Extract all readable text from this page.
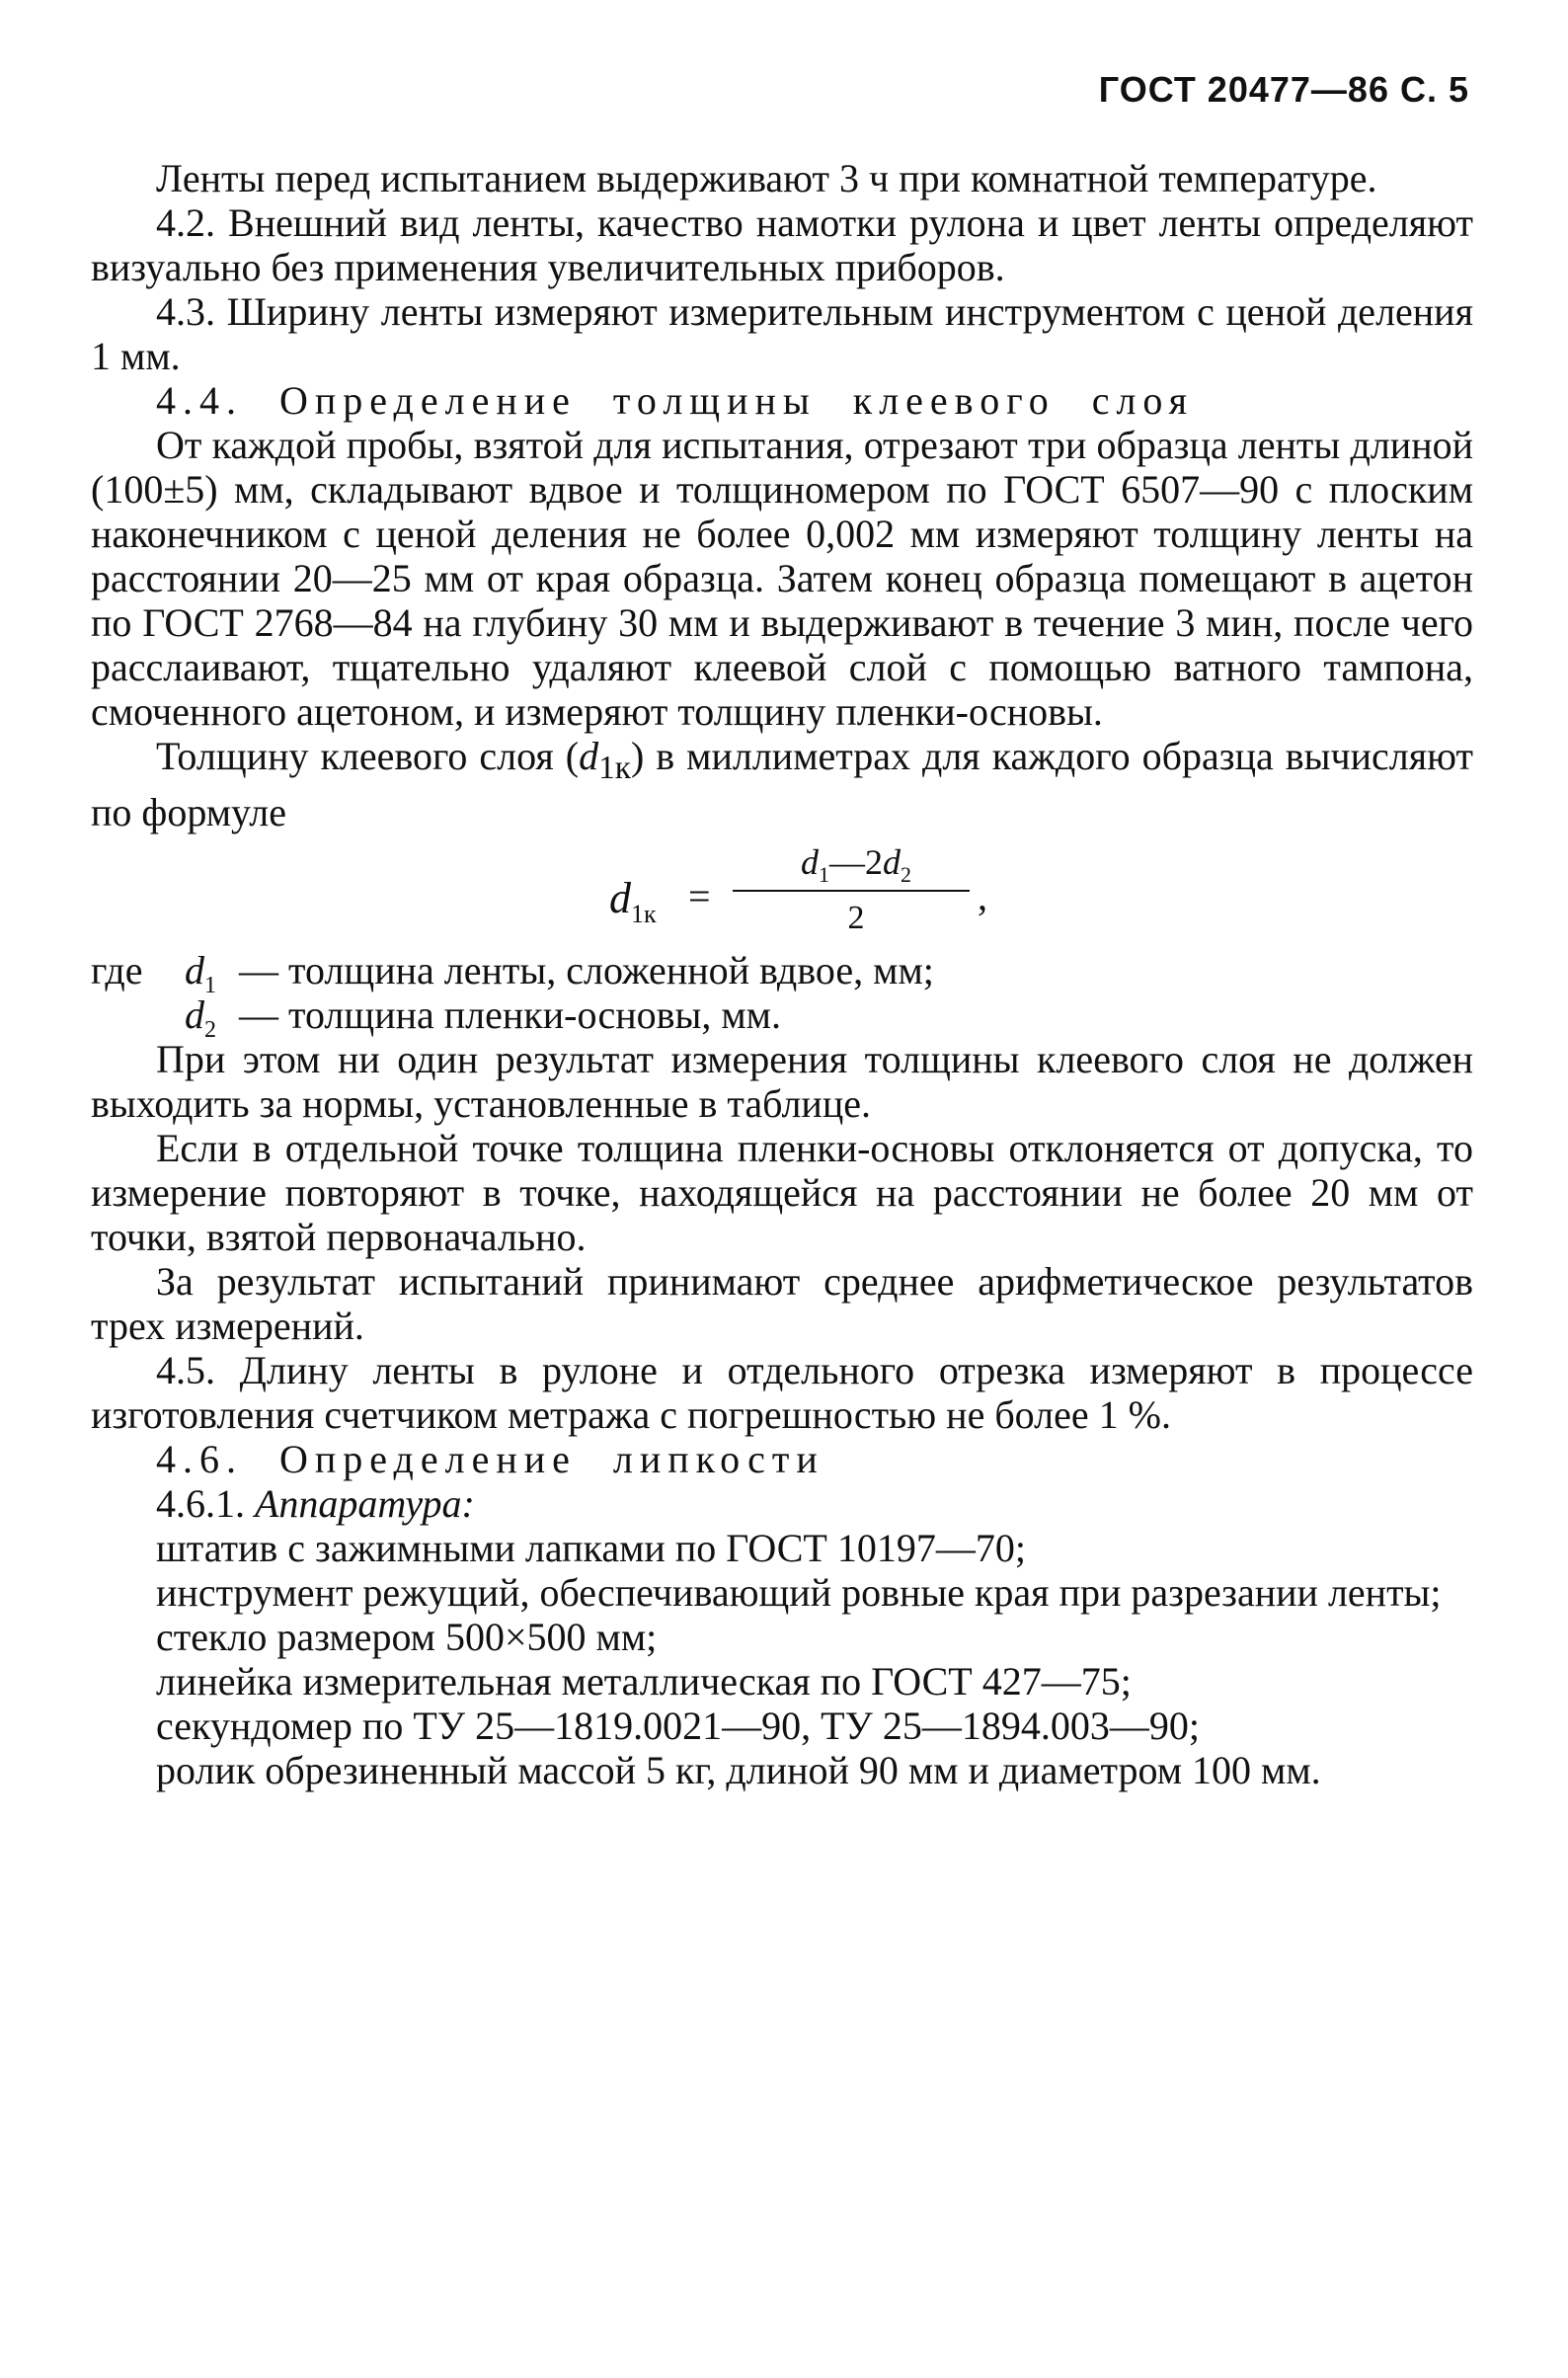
ГОСТ 20477—86 С. 5

Ленты перед испытанием выдерживают 3 ч при комнатной температуре.

4.2. Внешний вид ленты, качество намотки рулона и цвет ленты определяют визуально без применения увеличительных приборов.

4.3. Ширину ленты измеряют измерительным инструментом с ценой деления 1 мм.

4.4. Определение толщины клеевого слоя

От каждой пробы, взятой для испытания, отрезают три образца ленты длиной (100±5) мм, складывают вдвое и толщиномером по ГОСТ 6507—90 с плоским наконечником с ценой деления не более 0,002 мм измеряют толщину ленты на расстоянии 20—25 мм от края образца. Затем конец образца помещают в ацетон по ГОСТ 2768—84 на глубину 30 мм и выдерживают в течение 3 мин, после чего расслаивают, тщательно удаляют клеевой слой с помощью ватного тампона, смоченного ацетоном, и измеряют толщину пленки-основы.

Толщину клеевого слоя $(d_{1к})$ в миллиметрах для каждого образца вычисляют по формуле

$d_{1к}$ =
$d_1—2d_2$
2	,
где $d_1$ — толщина ленты, сложенной вдвое, мм;
$d_2$ — толщина пленки-основы, мм.

При этом ни один результат измерения толщины клеевого слоя не должен выходить за нормы, установленные в таблице.

Если в отдельной точке толщина пленки-основы отклоняется от допуска, то измерение повторяют в точке, находящейся на расстоянии не более 20 мм от точки, взятой первоначально.

За результат испытаний принимают среднее арифметическое результатов трех измерений.

4.5. Длину ленты в рулоне и отдельного отрезка измеряют в процессе изготовления счетчиком метража с погрешностью не более 1 %.

4.6. Определение липкости

4.6.1. Аппаратура:

штатив с зажимными лапками по ГОСТ 10197—70;

инструмент режущий, обеспечивающий ровные края при разрезании ленты;

стекло размером 500×500 мм;

линейка измерительная металлическая по ГОСТ 427—75;

секундомер по ТУ 25—1819.0021—90, ТУ 25—1894.003—90;

ролик обрезиненный массой 5 кг, длиной 90 мм и диаметром 100 мм.
